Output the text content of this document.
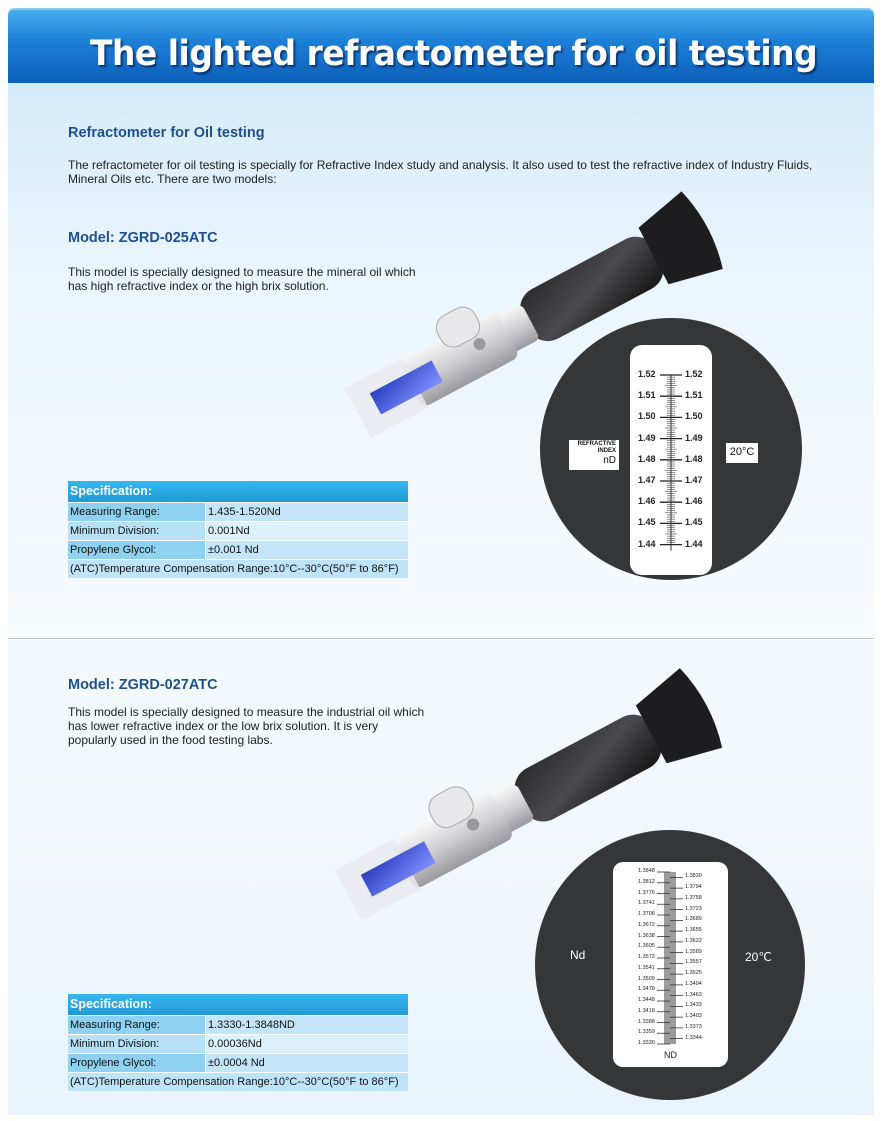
The lighted refractometer for oil testing
Refractometer for Oil testing
The refractometer for oil testing is specially for Refractive Index study and analysis. It also used to test the refractive index of Industry Fluids, Mineral Oils etc. There are two models:
Model: ZGRD-025ATC
This model is specially designed to measure the mineral oil which has high refractive index or the high brix solution.
1.52	1.52
1.51	1.51
1.50	1.50
1.49	1.49
1.48	1.48
1.47	1.47
1.46	1.46
1.45	1.45
1.44	1.44
REFRACTIVE
INDEX
nD
20°C
Specification:
Measuring Range:	1.435-1.520Nd
Minimum Division:	0.001Nd
Propylene Glycol:	±0.001 Nd
(ATC)Temperature Compensation Range:10°C--30°C(50°F to 86°F)
Model: ZGRD-027ATC
This model is specially designed to measure the industrial oil which has lower refractive index or the low brix solution. It is very popularly used in the food testing labs.
1.3848
1.3812
1.3776
1.3741
1.3706
1.3672
1.3638
1.3605
1.3573
1.3541
1.3509
1.3478
1.3448
1.3418
1.3388
1.3359
1.3330
1.3830
1.3794
1.3758
1.3723
1.3689
1.3655
1.3622
1.3589
1.3557
1.3525
1.3494
1.3463
1.3433
1.3403
1.3373
1.3344
Nd	20℃
ND
Specification:
Measuring Range:	1.3330-1.3848ND
Minimum Division:	0.00036Nd
Propylene Glycol:	±0.0004 Nd
(ATC)Temperature Compensation Range:10°C--30°C(50°F to 86°F)
